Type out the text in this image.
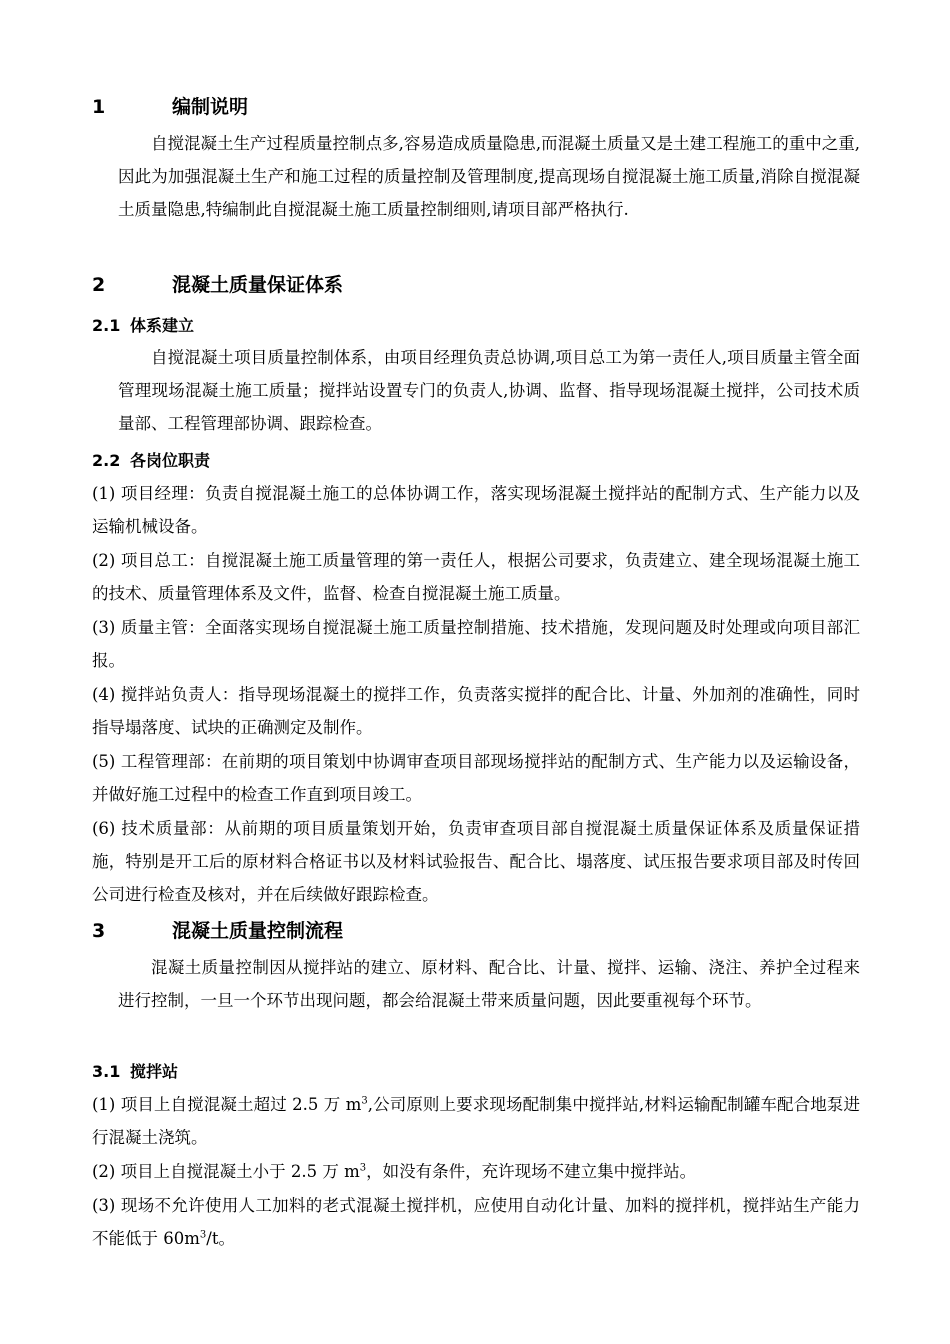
1	编制说明
自搅混凝土生产过程质量控制点多,容易造成质量隐患,而混凝土质量又是土建工程施工的重中之重,因此为加强混凝土生产和施工过程的质量控制及管理制度,提高现场自搅混凝土施工质量,消除自搅混凝土质量隐患,特编制此自搅混凝土施工质量控制细则,请项目部严格执行.
2	混凝土质量保证体系
2.1 体系建立
自搅混凝土项目质量控制体系，由项目经理负责总协调,项目总工为第一责任人,项目质量主管全面管理现场混凝土施工质量；搅拌站设置专门的负责人,协调、监督、指导现场混凝土搅拌，公司技术质量部、工程管理部协调、跟踪检查。
2.2 各岗位职责
(1) 项目经理：负责自搅混凝土施工的总体协调工作，落实现场混凝土搅拌站的配制方式、生产能力以及运输机械设备。
(2) 项目总工：自搅混凝土施工质量管理的第一责任人，根据公司要求，负责建立、建全现场混凝土施工的技术、质量管理体系及文件，监督、检查自搅混凝土施工质量。
(3) 质量主管：全面落实现场自搅混凝土施工质量控制措施、技术措施，发现问题及时处理或向项目部汇报。
(4) 搅拌站负责人：指导现场混凝土的搅拌工作，负责落实搅拌的配合比、计量、外加剂的准确性，同时指导塌落度、试块的正确测定及制作。
(5) 工程管理部：在前期的项目策划中协调审查项目部现场搅拌站的配制方式、生产能力以及运输设备，并做好施工过程中的检查工作直到项目竣工。
(6) 技术质量部：从前期的项目质量策划开始，负责审查项目部自搅混凝土质量保证体系及质量保证措施，特别是开工后的原材料合格证书以及材料试验报告、配合比、塌落度、试压报告要求项目部及时传回公司进行检查及核对，并在后续做好跟踪检查。
3	混凝土质量控制流程
混凝土质量控制因从搅拌站的建立、原材料、配合比、计量、搅拌、运输、浇注、养护全过程来进行控制，一旦一个环节出现问题，都会给混凝土带来质量问题，因此要重视每个环节。
3.1 搅拌站
(1) 项目上自搅混凝土超过 2.5 万 $m^3$,公司原则上要求现场配制集中搅拌站,材料运输配制罐车配合地泵进行混凝土浇筑。
(2) 项目上自搅混凝土小于 2.5 万 $m^3$，如没有条件，充许现场不建立集中搅拌站。
(3) 现场不允许使用人工加料的老式混凝土搅拌机，应使用自动化计量、加料的搅拌机，搅拌站生产能力不能低于 $60m^3/t$。
